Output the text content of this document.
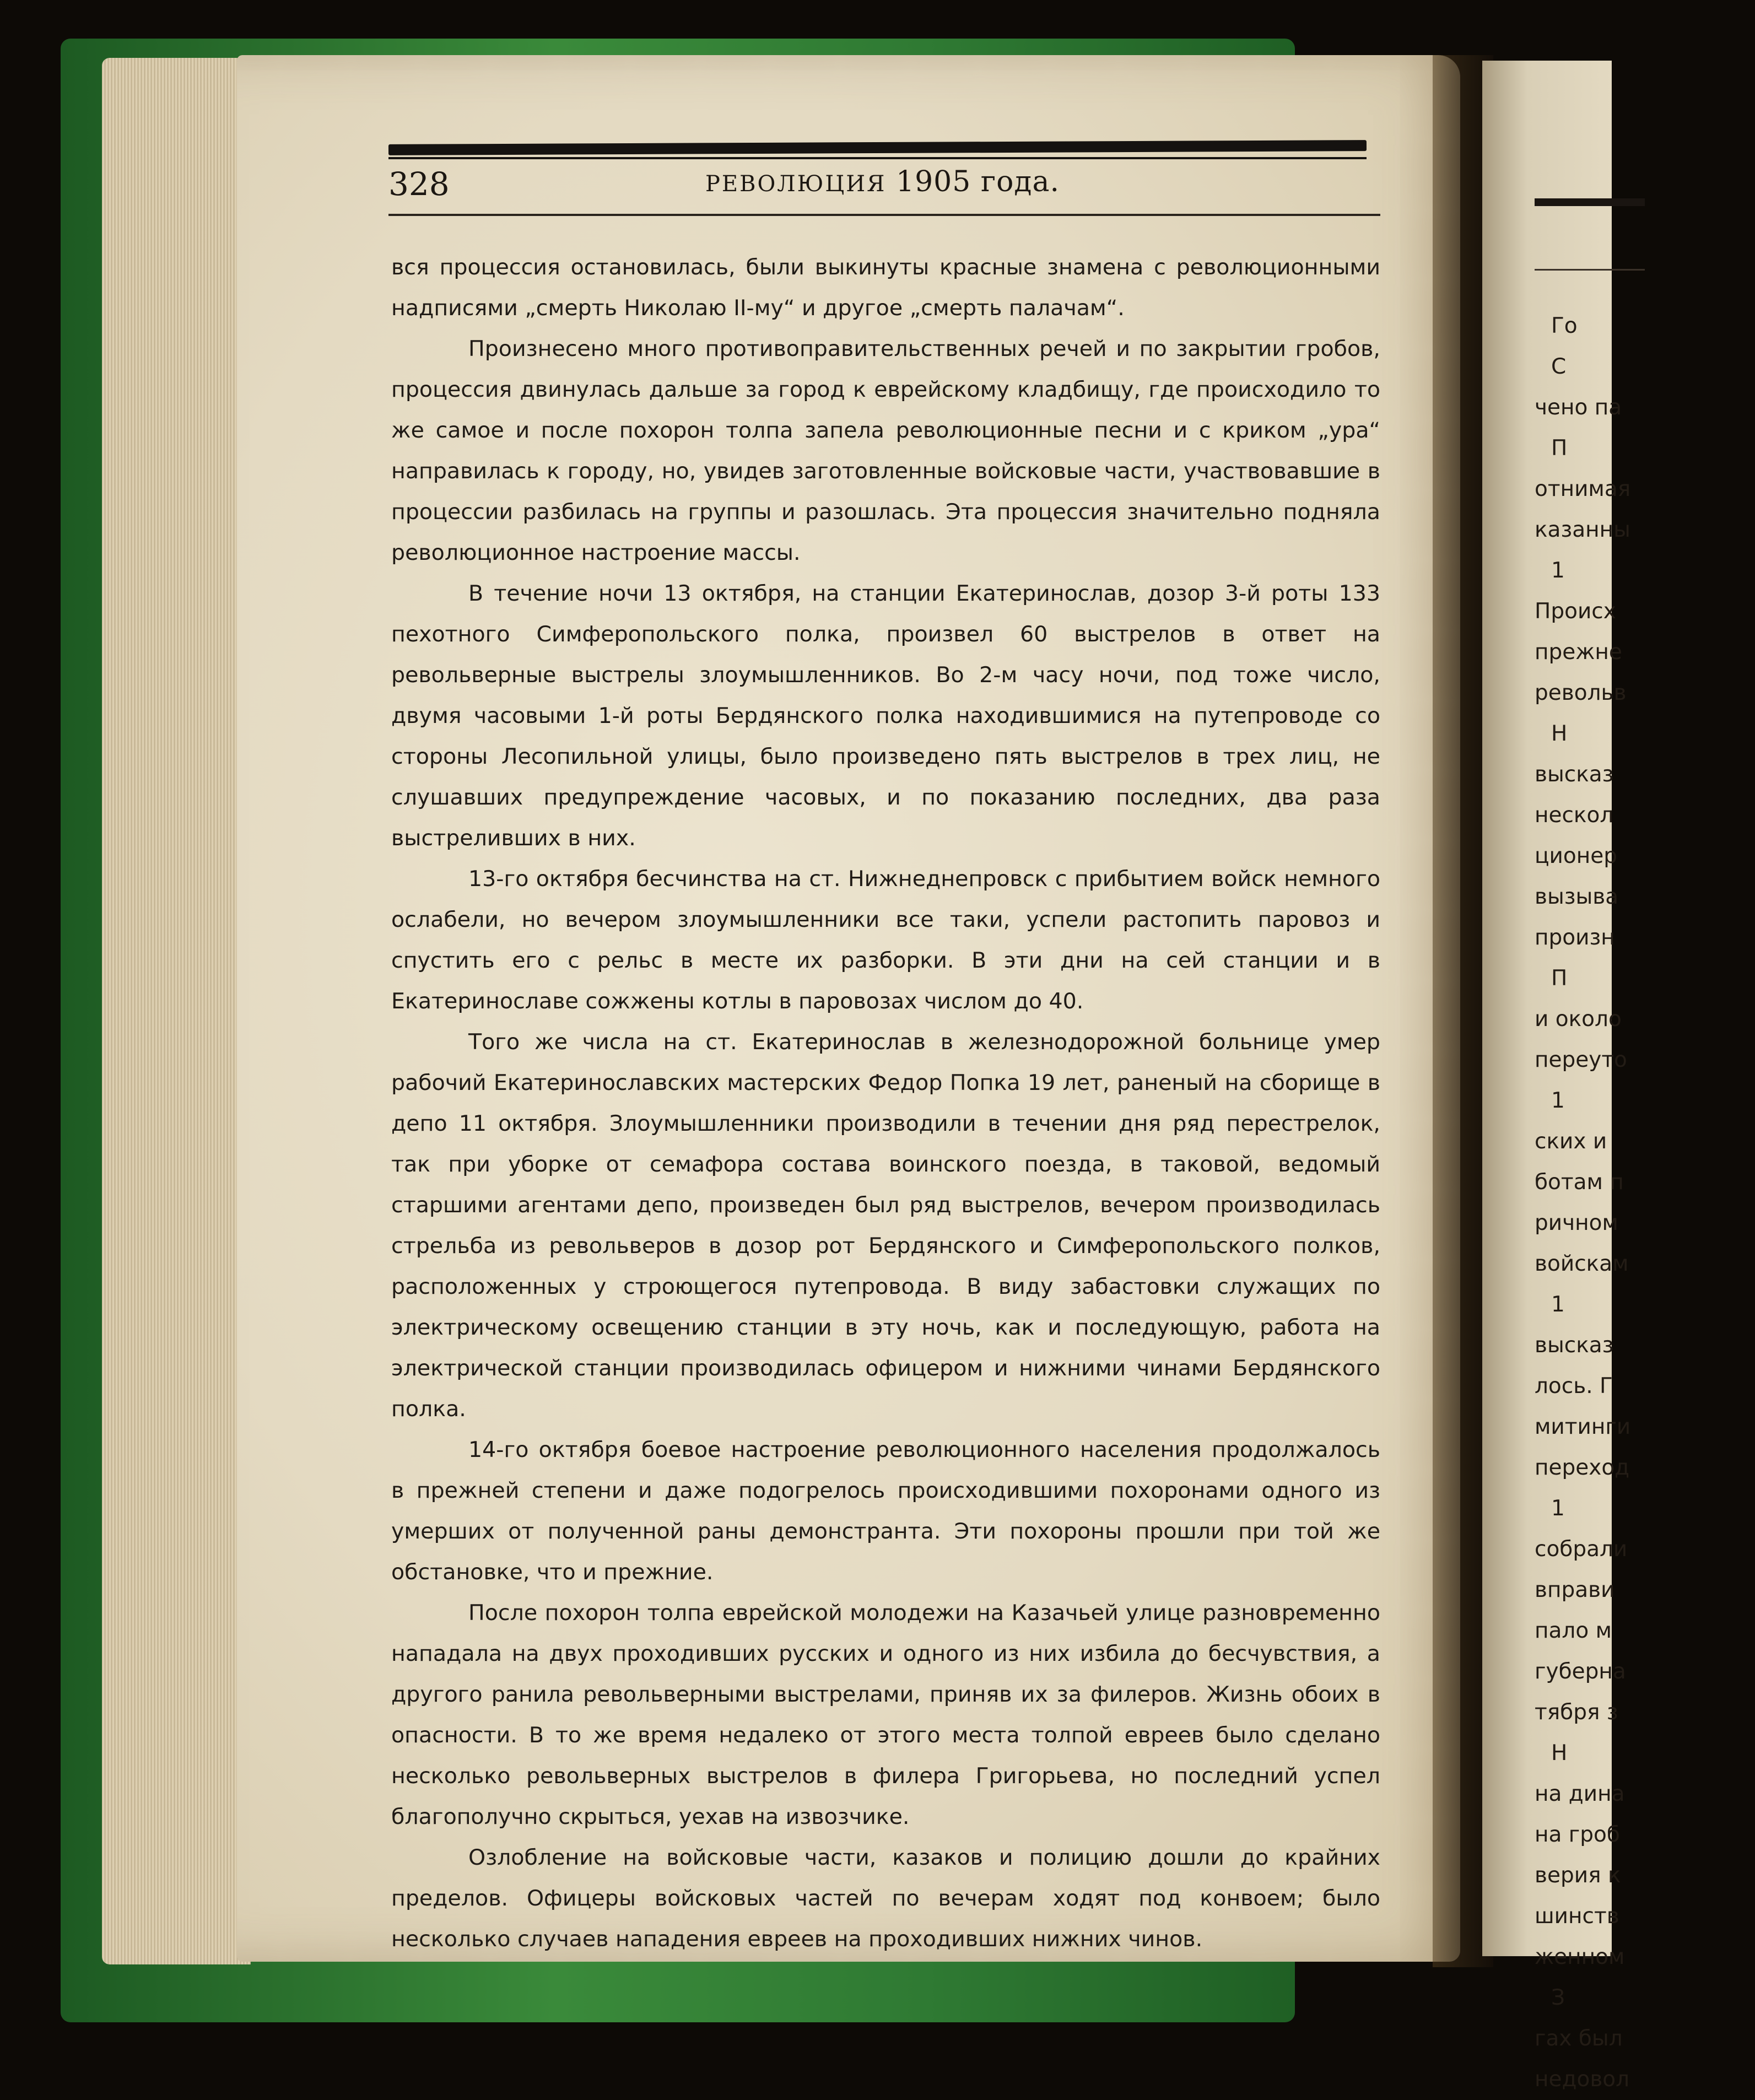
Го
С
чено па
П
отнимая
казанны
1
Происх
прежне
револьв
Н
высказ
нескол
ционер
вызыва
произн
П
и около
переуто
1
ских и
ботам п
ричном
войскам
1
высказ
лось. Г
митинги
переход
1
собрали
вправи
пало м
губерна
тября з
Н
на дина
на гроб
верия к
шинств
женном
З
гах был
недовол
328	РЕВОЛЮЦИЯ 1905 года.

вся процессия остановилась, были выкинуты красные знамена с революционными надписями „смерть Николаю ІІ-му“ и другое „смерть палачам“.

Произнесено много противоправительственных речей и по закрытии гробов, процессия двинулась дальше за город к еврейскому кладбищу, где происходило то же самое и после похорон толпа запела революционные песни и с криком „ура“ направилась к городу, но, увидев заготовленные войсковые части, участвовавшие в процессии разбилась на группы и разошлась. Эта процессия значительно подняла революционное настроение массы.

В течение ночи 13 октября, на станции Екатеринослав, дозор 3-й роты 133 пехотного Симферопольского полка, произвел 60 выстрелов в ответ на револьверные выстрелы злоумышленников. Во 2-м часу ночи, под тоже число, двумя часовыми 1-й роты Бердянского полка находившимися на путепроводе со стороны Лесопильной улицы, было произведено пять выстрелов в трех лиц, не слушавших предупреждение часовых, и по показанию последних, два раза выстреливших в них.

13-го октября бесчинства на ст. Нижнеднепровск с прибытием войск немного ослабели, но вечером злоумышленники все таки, успели растопить паровоз и спустить его с рельс в месте их разборки. В эти дни на сей станции и в Екатеринославе сожжены котлы в паровозах числом до 40.

Того же числа на ст. Екатеринослав в железнодорожной больнице умер рабочий Екатеринославских мастерских Федор Попка 19 лет, раненый на сборище в депо 11 октября. Злоумышленники производили в течении дня ряд перестрелок, так при уборке от семафора состава воинского поезда, в таковой, ведомый старшими агентами депо, произведен был ряд выстрелов, вечером производилась стрельба из револьверов в дозор рот Бердянского и Симферопольского полков, расположенных у строющегося путепровода. В виду забастовки служащих по электрическому освещению станции в эту ночь, как и последующую, работа на электрической станции производилась офицером и нижними чинами Бердянского полка.

14-го октября боевое настроение революционного населения продолжалось в прежней степени и даже подогрелось происходившими похоронами одного из умерших от полученной раны демонстранта. Эти похороны прошли при той же обстановке, что и прежние.

После похорон толпа еврейской молодежи на Казачьей улице разновременно нападала на двух проходивших русских и одного из них избила до бесчувствия, а другого ранила револьверными выстрелами, приняв их за филеров. Жизнь обоих в опасности. В то же время недалеко от этого места толпой евреев было сделано несколько револьверных выстрелов в филера Григорьева, но последний успел благополучно скрыться, уехав на извозчике.

Озлобление на войсковые части, казаков и полицию дошли до крайних пределов. Офицеры войсковых частей по вечерам ходят под конвоем; было несколько случаев нападения евреев на проходивших нижних чинов.
